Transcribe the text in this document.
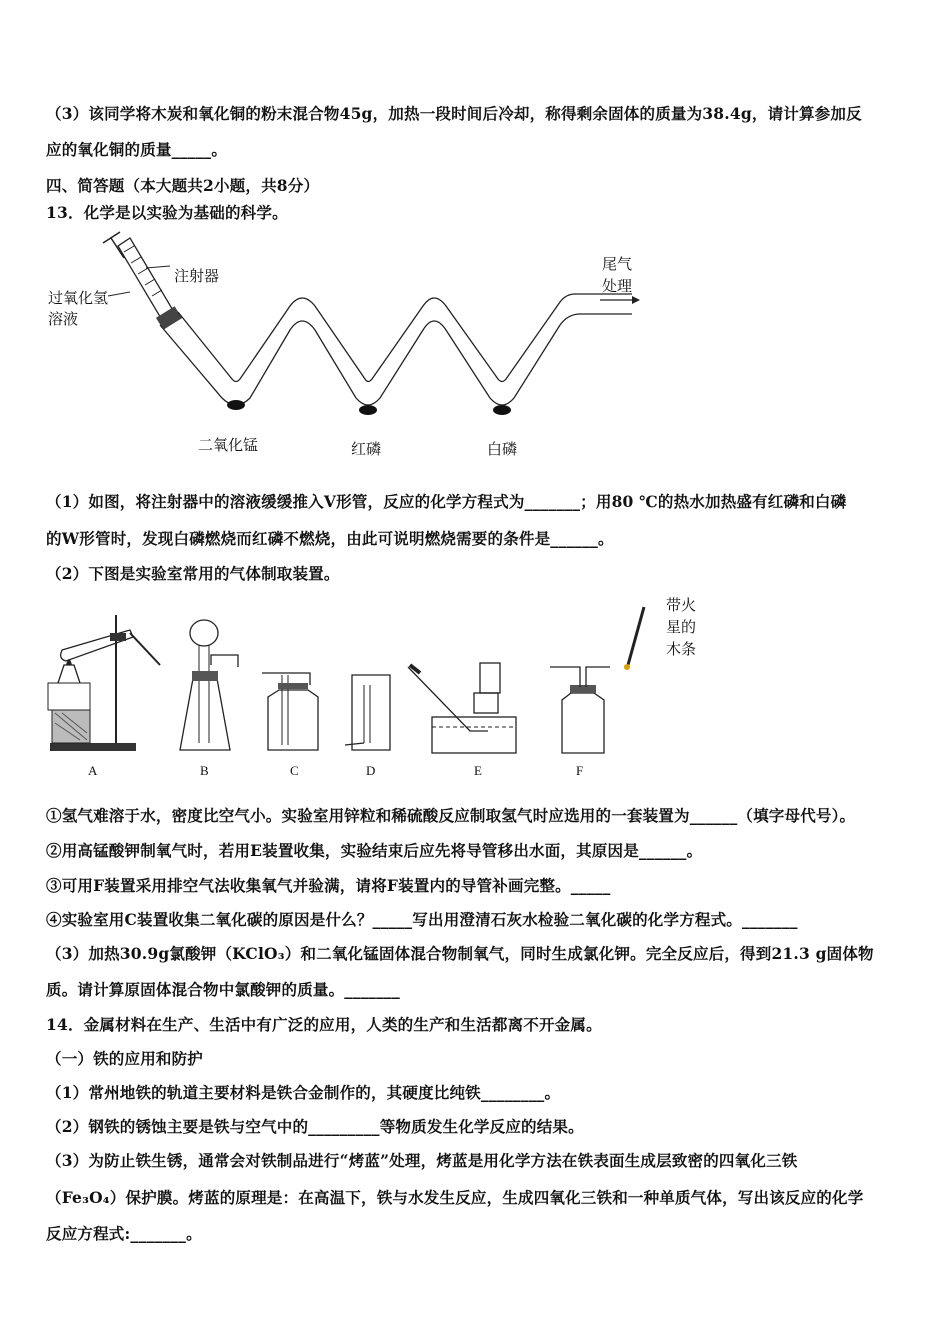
（3）该同学将木炭和氧化铜的粉末混合物45g，加热一段时间后冷却，称得剩余固体的质量为38.4g，请计算参加反
应的氧化铜的质量_____。
四、简答题（本大题共2小题，共8分）
13．化学是以实验为基础的科学。
注射器
过氧化氢
溶液
二氧化锰	红磷	白磷
尾气
处理
（1）如图，将注射器中的溶液缓缓推入V形管，反应的化学方程式为_______；用80 ℃的热水加热盛有红磷和白磷
的W形管时，发现白磷燃烧而红磷不燃烧，由此可说明燃烧需要的条件是______。
（2）下图是实验室常用的气体制取装置。
带火
星的
木条
A	B	C	D	E	F
①氢气难溶于水，密度比空气小。实验室用锌粒和稀硫酸反应制取氢气时应选用的一套装置为______（填字母代号）。
②用高锰酸钾制氧气时，若用E装置收集，实验结束后应先将导管移出水面，其原因是______。
③可用F装置采用排空气法收集氧气并验满，请将F装置内的导管补画完整。_____
④实验室用C装置收集二氧化碳的原因是什么？_____写出用澄清石灰水检验二氧化碳的化学方程式。_______
（3）加热30.9g氯酸钾（KClO₃）和二氧化锰固体混合物制氧气，同时生成氯化钾。完全反应后，得到21.3 g固体物
质。请计算原固体混合物中氯酸钾的质量。_______
14．金属材料在生产、生活中有广泛的应用，人类的生产和生活都离不开金属。
（一）铁的应用和防护
（1）常州地铁的轨道主要材料是铁合金制作的，其硬度比纯铁________。
（2）钢铁的锈蚀主要是铁与空气中的_________等物质发生化学反应的结果。
（3）为防止铁生锈，通常会对铁制品进行“烤蓝”处理，烤蓝是用化学方法在铁表面生成层致密的四氧化三铁
（Fe₃O₄）保护膜。烤蓝的原理是：在高温下，铁与水发生反应，生成四氧化三铁和一种单质气体，写出该反应的化学
反应方程式:_______。
